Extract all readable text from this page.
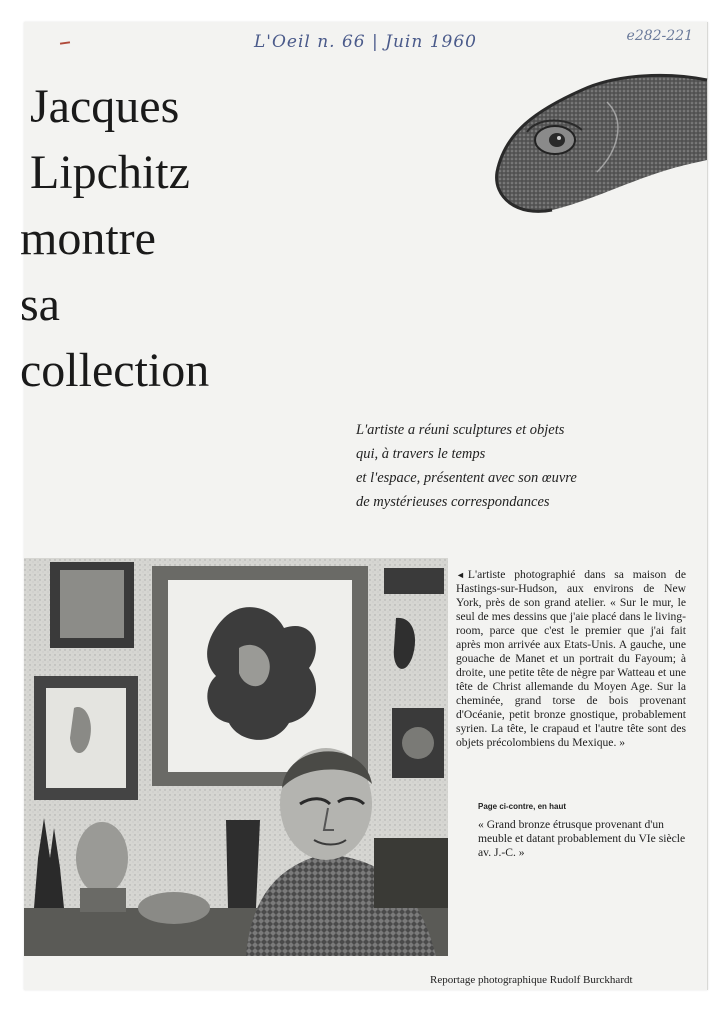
L'Oeil n. 66 | Juin 1960	e282-221
Jacques
Lipchitz
montre
sa
collection
L'artiste a réuni sculptures et objets
qui, à travers le temps
et l'espace, présentent avec son œuvre
de mystérieuses correspondances
◄ L'artiste photographié dans sa maison de Hastings-sur-Hudson, aux environs de New York, près de son grand atelier. « Sur le mur, le seul de mes dessins que j'aie placé dans le living-room, parce que c'est le premier que j'ai fait après mon arrivée aux Etats-Unis. A gauche, une gouache de Manet et un portrait du Fayoum; à droite, une petite tête de nègre par Watteau et une tête de Christ allemande du Moyen Age. Sur la cheminée, grand torse de bois provenant d'Océanie, petit bronze gnostique, probablement syrien. La tête, le crapaud et l'autre tête sont des objets précolombiens du Mexique. »
Page ci-contre, en haut
« Grand bronze étrusque provenant d'un meuble et datant probablement du VIe siècle av. J.-C. »
Reportage photographique Rudolf Burckhardt
